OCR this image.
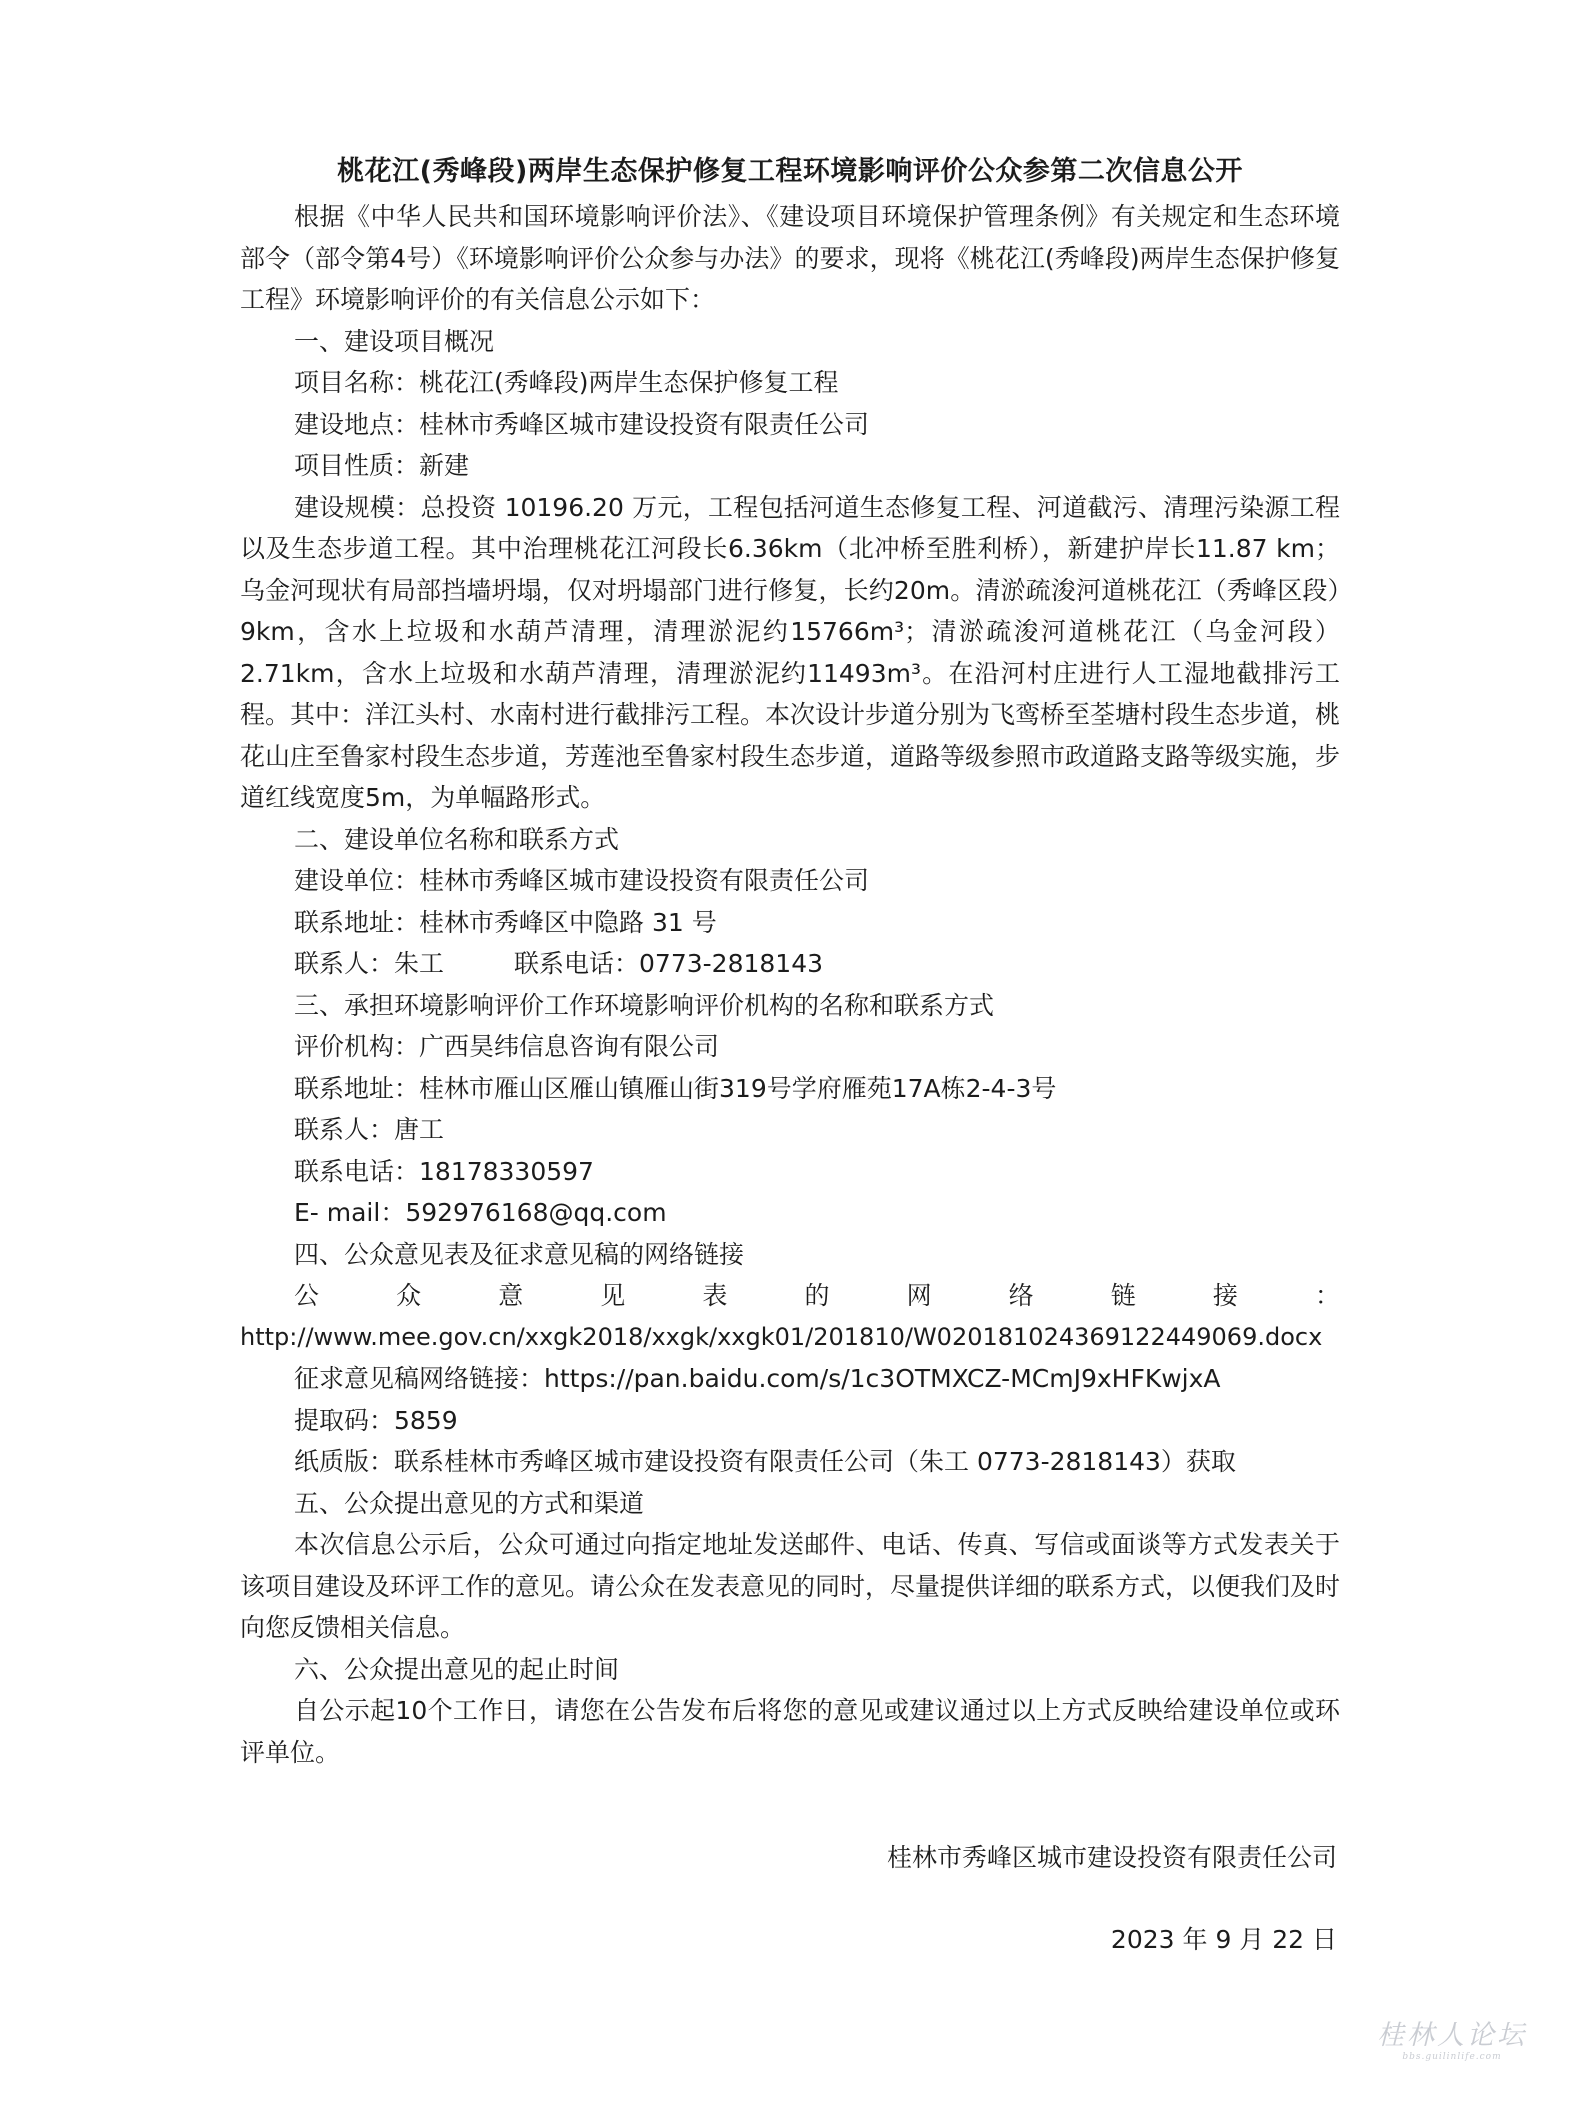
桃花江(秀峰段)两岸生态保护修复工程环境影响评价公众参第二次信息公开

根据《中华人民共和国环境影响评价法》、《建设项目环境保护管理条例》有关规定和生态环境部令（部令第4号）《环境影响评价公众参与办法》的要求，现将《桃花江(秀峰段)两岸生态保护修复工程》环境影响评价的有关信息公示如下：

一、建设项目概况

项目名称：桃花江(秀峰段)两岸生态保护修复工程

建设地点：桂林市秀峰区城市建设投资有限责任公司

项目性质：新建

建设规模：总投资 10196.20 万元，工程包括河道生态修复工程、河道截污、清理污染源工程以及生态步道工程。其中治理桃花江河段长6.36km（北冲桥至胜利桥），新建护岸长11.87 km；乌金河现状有局部挡墙坍塌，仅对坍塌部门进行修复，长约20m。清淤疏浚河道桃花江（秀峰区段）9km，含水上垃圾和水葫芦清理，清理淤泥约15766m³；清淤疏浚河道桃花江（乌金河段）2.71km，含水上垃圾和水葫芦清理，清理淤泥约11493m³。在沿河村庄进行人工湿地截排污工程。其中：洋江头村、水南村进行截排污工程。本次设计步道分别为飞鸾桥至荃塘村段生态步道，桃花山庄至鲁家村段生态步道，芳莲池至鲁家村段生态步道，道路等级参照市政道路支路等级实施，步道红线宽度5m，为单幅路形式。

二、建设单位名称和联系方式

建设单位：桂林市秀峰区城市建设投资有限责任公司

联系地址：桂林市秀峰区中隐路 31 号

联系人：朱工	联系电话：0773-2818143

三、承担环境影响评价工作环境影响评价机构的名称和联系方式

评价机构：广西昊纬信息咨询有限公司

联系地址：桂林市雁山区雁山镇雁山街319号学府雁苑17A栋2-4-3号

联系人：唐工

联系电话：18178330597

E- mail：592976168@qq.com

四、公众意见表及征求意见稿的网络链接

公	众	意	见	表	的	网	络	链	接	：

http://www.mee.gov.cn/xxgk2018/xxgk/xxgk01/201810/W020181024369122449069.docx

征求意见稿网络链接：https://pan.baidu.com/s/1c3OTMXCZ-MCmJ9xHFKwjxA

提取码：5859

纸质版：联系桂林市秀峰区城市建设投资有限责任公司（朱工 0773-2818143）获取

五、公众提出意见的方式和渠道

本次信息公示后，公众可通过向指定地址发送邮件、电话、传真、写信或面谈等方式发表关于该项目建设及环评工作的意见。请公众在发表意见的同时，尽量提供详细的联系方式，以便我们及时向您反馈相关信息。

六、公众提出意见的起止时间

自公示起10个工作日，请您在公告发布后将您的意见或建议通过以上方式反映给建设单位或环评单位。

桂林市秀峰区城市建设投资有限责任公司
2023 年 9 月 22 日
桂林人论坛
bbs.guilinlife.com
